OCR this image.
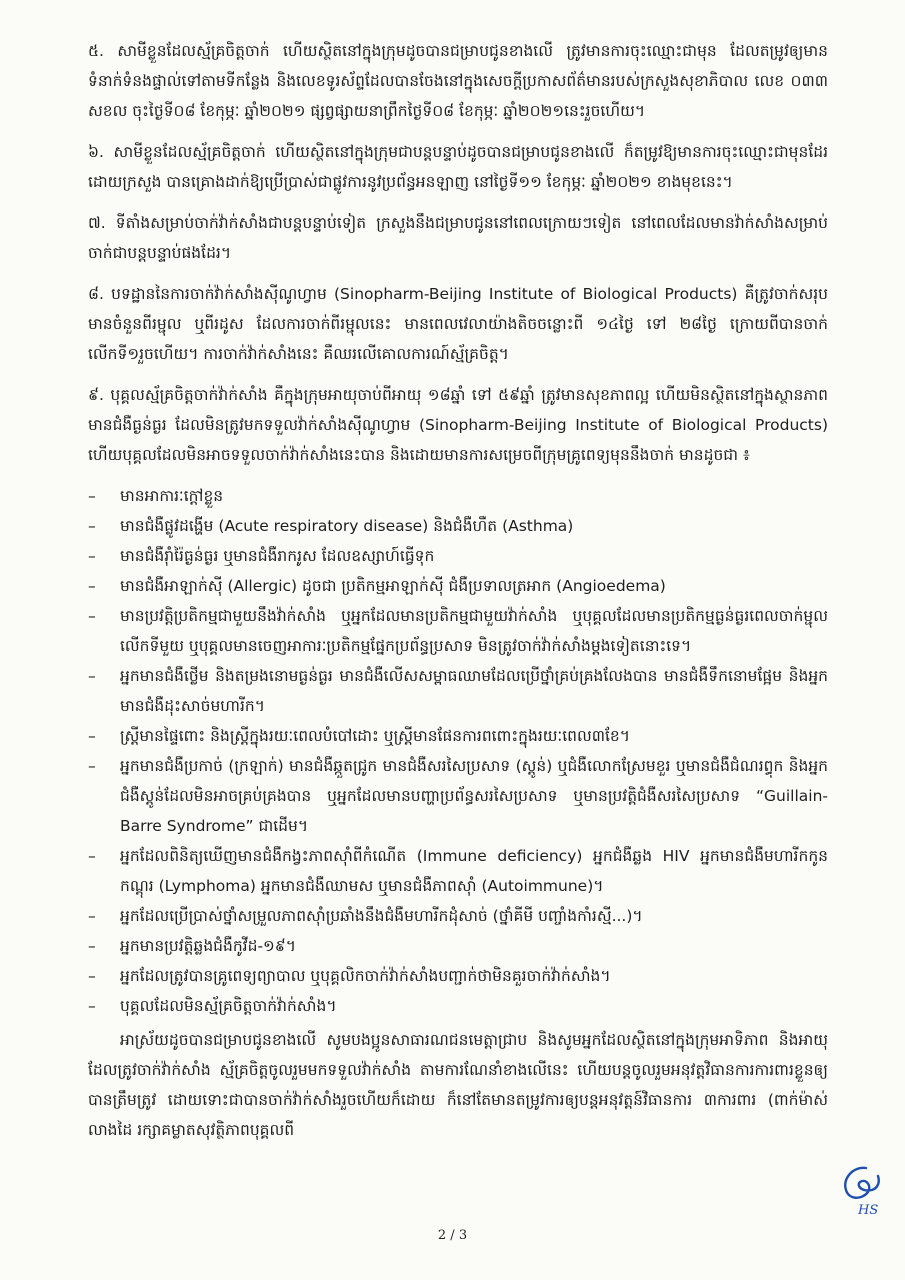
៥. សាមីខ្លួនដែលស្ម័គ្រចិត្តចាក់ ហើយស្ថិតនៅក្នុងក្រុមដូចបានជម្រាបជូនខាងលើ ត្រូវមានការចុះឈ្មោះជាមុន ដែលតម្រូវឲ្យមានទំនាក់ទំនងផ្ទាល់ទៅតាមទីកន្លែង និងលេខទូរស័ព្ទដែលបានចែងនៅក្នុងសេចក្តីប្រកាសព័ត៌មានរបស់ក្រសួងសុខាភិបាល លេខ ០៣៣ សខល ចុះថ្ងៃទី០៨ ខែកុម្ភៈ ឆ្នាំ២០២១ ផ្សព្វផ្សាយនាព្រឹកថ្ងៃទី០៨ ខែកុម្ភៈ ឆ្នាំ២០២១នេះរួចហើយ។

៦. សាមីខ្លួនដែលស្ម័គ្រចិត្តចាក់ ហើយស្ថិតនៅក្នុងក្រុមជាបន្តបន្ទាប់ដូចបានជម្រាបជូនខាងលើ ក៏តម្រូវឱ្យមានការចុះឈ្មោះជាមុនដែរ ដោយក្រសួង បានគ្រោងដាក់ឱ្យប្រើប្រាស់ជាផ្លូវការនូវប្រព័ន្ធអនឡាញ នៅថ្ងៃទី១១ ខែកុម្ភៈ ឆ្នាំ២០២១ ខាងមុខនេះ។

៧. ទីតាំងសម្រាប់ចាក់វ៉ាក់សាំងជាបន្តបន្ទាប់ទៀត ក្រសួងនឹងជម្រាបជូននៅពេលក្រោយៗទៀត នៅពេលដែលមានវ៉ាក់សាំងសម្រាប់ចាក់ជាបន្តបន្ទាប់ផងដែរ។

៨. បទដ្ឋាននៃការចាក់វ៉ាក់សាំងស៊ីណូហ្វាម (Sinopharm-Beijing Institute of Biological Products) គឺត្រូវចាក់សរុបមានចំនួនពីរម្ជុល ឬពីរដូស ដែលការចាក់ពីរម្ជុលនេះ មានពេលវេលាយ៉ាងតិចចន្លោះពី ១៤ថ្ងៃ ទៅ ២៨ថ្ងៃ ក្រោយពីបានចាក់លើកទី១រួចហើយ។ ការចាក់វ៉ាក់សាំងនេះ គឺឈរលើគោលការណ៍ស្ម័គ្រចិត្ត។

៩. បុគ្គលស្ម័គ្រចិត្តចាក់វ៉ាក់សាំង គឺក្នុងក្រុមអាយុចាប់ពីអាយុ ១៨ឆ្នាំ ទៅ ៥៩ឆ្នាំ ត្រូវមានសុខភាពល្អ ហើយមិនស្ថិតនៅក្នុងស្ថានភាពមានជំងឺធ្ងន់ធ្ងរ ដែលមិនត្រូវមកទទួលវ៉ាក់សាំងស៊ីណូហ្វាម (Sinopharm-Beijing Institute of Biological Products) ហើយបុគ្គលដែលមិនអាចទទួលចាក់វ៉ាក់សាំងនេះបាន និងដោយមានការសម្រេចពីក្រុមគ្រូពេទ្យមុននឹងចាក់ មានដូចជា ៖

–	មានអាការៈក្តៅខ្លួន
–	មានជំងឺផ្លូវដង្ហើម (Acute respiratory disease) និងជំងឺហឺត (Asthma)
–	មានជំងឺរ៉ាំរ៉ៃធ្ងន់ធ្ងរ ឬមានជំងឺរាករូស ដែលឧស្សាហ៍ធ្វើទុក
–	មានជំងឺអាឡាក់ស៊ី (Allergic) ដូចជា ប្រតិកម្មអាឡាក់ស៊ី ជំងឺប្រទាលត្រអាក (Angioedema)
–	មានប្រវត្តិប្រតិកម្មជាមួយនឹងវ៉ាក់សាំង ឬអ្នកដែលមានប្រតិកម្មជាមួយវ៉ាក់សាំង ឬបុគ្គលដែលមានប្រតិកម្មធ្ងន់ធ្ងរពេលចាក់ម្ជុលលើកទីមួយ ឬបុគ្គលមានចេញអាការៈប្រតិកម្មផ្នែកប្រព័ន្ធប្រសាទ មិនត្រូវចាក់វ៉ាក់សាំងម្តងទៀតនោះទេ។
–	អ្នកមានជំងឺថ្លើម និងតម្រងនោមធ្ងន់ធ្ងរ មានជំងឺលើសសម្ពាធឈាមដែលប្រើថ្នាំគ្រប់គ្រងលែងបាន មានជំងឺទឹកនោមផ្អែម និងអ្នកមានជំងឺដុះសាច់មហារីក។
–	ស្ត្រីមានផ្ទៃពោះ និងស្ត្រីក្នុងរយៈពេលបំបៅដោះ ឬស្ត្រីមានផែនការពពោះក្នុងរយៈពេល៣ខែ។
–	អ្នកមានជំងឺប្រកាច់ (ក្រឡាក់) មានជំងឺឆ្កួតជ្រូក មានជំងឺសរសៃប្រសាទ (ស្តូន់) ឬជំងឺលោកស្រែមខួរ ឬមានជំងឺជំណរព្ធុក និងអ្នកជំងឺស្តូន់ដែលមិនអាចគ្រប់គ្រងបាន ឬអ្នកដែលមានបញ្ហាប្រព័ន្ធសរសៃប្រសាទ ឬមានប្រវត្តិជំងឺសរសៃប្រសាទ “Guillain-Barre Syndrome” ជាដើម។
–	អ្នកដែលពិនិត្យឃើញមានជំងឺកង្វះភាពស៊ាំពីកំណើត (Immune deficiency) អ្នកជំងឺឆ្លង HIV អ្នកមានជំងឺមហារីកកូនកណ្តុរ (Lymphoma) អ្នកមានជំងឺឈាមស ឬមានជំងឺភាពស៊ាំ (Autoimmune)។
–	អ្នកដែលប្រើប្រាស់ថ្នាំសម្រួលភាពស៊ាំប្រឆាំងនឹងជំងឺមហារីកដុំសាច់ (ថ្នាំគីមី បញ្ចាំងកាំរស្មី...)។
–	អ្នកមានប្រវត្តិឆ្លងជំងឺកូវីដ-១៩។
–	អ្នកដែលត្រូវបានគ្រូពេទ្យព្យាបាល ឬបុគ្គលិកចាក់វ៉ាក់សាំងបញ្ជាក់ថាមិនគួរចាក់វ៉ាក់សាំង។
–	បុគ្គលដែលមិនស្ម័គ្រចិត្តចាក់វ៉ាក់សាំង។

អាស្រ័យដូចបានជម្រាបជូនខាងលើ សូមបងប្អូនសាធារណជនមេត្តាជ្រាប និងសូមអ្នកដែលស្ថិតនៅក្នុងក្រុមអាទិភាព និងអាយុដែលត្រូវចាក់វ៉ាក់សាំង ស្ម័គ្រចិត្តចូលរួមមកទទួលវ៉ាក់សាំង តាមការណែនាំខាងលើនេះ ហើយបន្តចូលរួមអនុវត្តវិធានការការពារខ្លួនឲ្យបានត្រឹមត្រូវ ដោយទោះជាបានចាក់វ៉ាក់សាំងរួចហើយក៏ដោយ ក៏នៅតែមានតម្រូវការឲ្យបន្តអនុវត្តន៍វិធានការ ៣ការពារ (ពាក់ម៉ាស់ លាងដៃ រក្សាគម្លាតសុវត្ថិភាពបុគ្គលពី

HS
2 / 3
